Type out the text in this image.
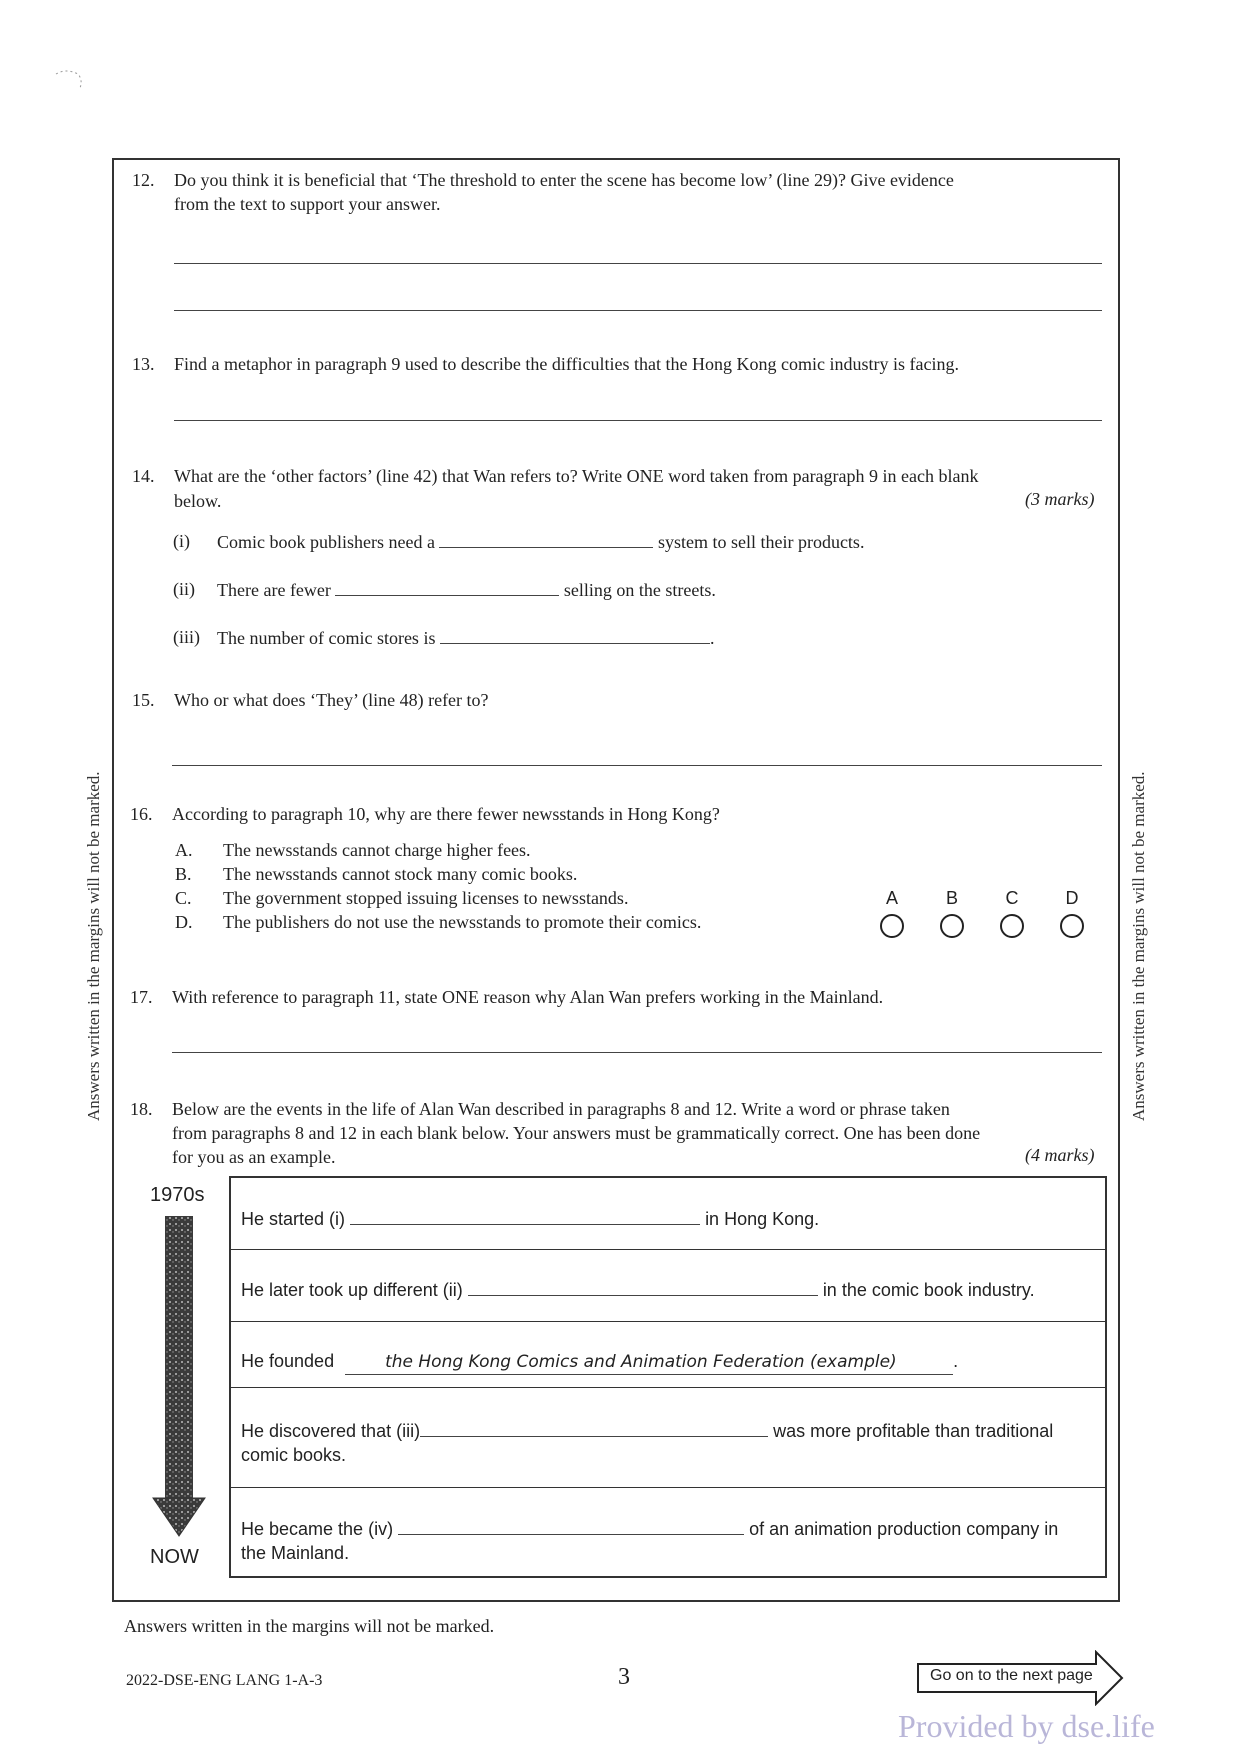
Answers written in the margins will not be marked.	Answers written in the margins will not be marked.
12.	Do you think it is beneficial that ‘The threshold to enter the scene has become low’ (line 29)? Give evidence
from the text to support your answer.
13.	Find a metaphor in paragraph 9 used to describe the difficulties that the Hong Kong comic industry is facing.
14.	What are the ‘other factors’ (line 42) that Wan refers to? Write ONE word taken from paragraph 9 in each blank
below.	(3 marks)
(i) Comic book publishers need a	system to sell their products.
(ii) There are fewer	selling on the streets.
(iii) The number of comic stores is	.
15.	Who or what does ‘They’ (line 48) refer to?
16.	According to paragraph 10, why are there fewer newsstands in Hong Kong?
A. The newsstands cannot charge higher fees.
B. The newsstands cannot stock many comic books.
C. The government stopped issuing licenses to newsstands.
D. The publishers do not use the newsstands to promote their comics.
A	B	C	D
17.	With reference to paragraph 11, state ONE reason why Alan Wan prefers working in the Mainland.
18.	Below are the events in the life of Alan Wan described in paragraphs 8 and 12. Write a word or phrase taken
from paragraphs 8 and 12 in each blank below. Your answers must be grammatically correct. One has been done
for you as an example.	(4 marks)
1970s
NOW
He started (i)	in Hong Kong.
He later took up different (ii)	in the comic book industry.
He founded	the Hong Kong Comics and Animation Federation (example)	.
He discovered that (iii)	was more profitable than traditional
comic books.
He became the (iv)	of an animation production company in
the Mainland.
Answers written in the margins will not be marked.
2022-DSE-ENG LANG 1-A-3	3	Go on to the next page
Provided by dse.life
